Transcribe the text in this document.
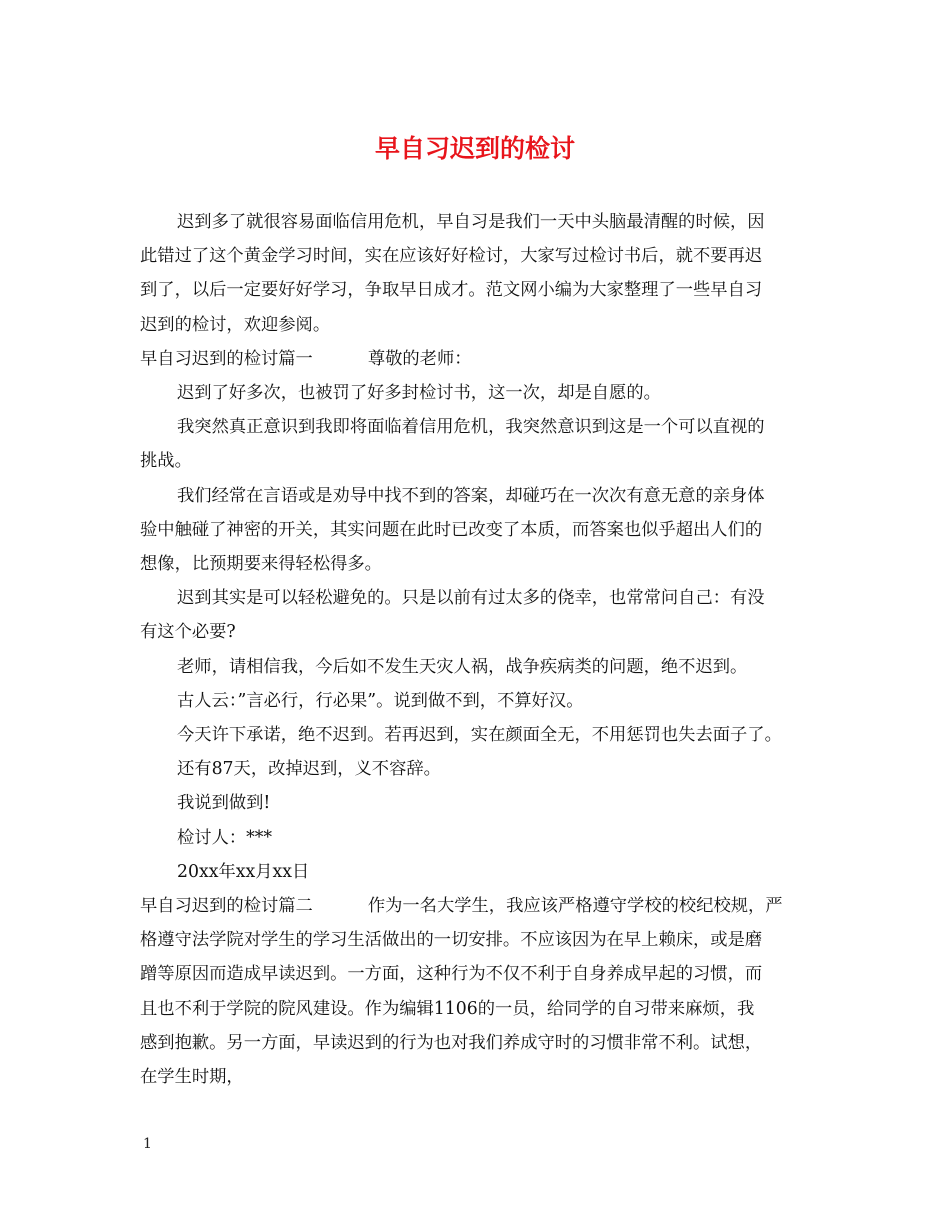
早自习迟到的检讨

迟到多了就很容易面临信用危机，早自习是我们一天中头脑最清醒的时候，因

此错过了这个黄金学习时间，实在应该好好检讨，大家写过检讨书后，就不要再迟

到了，以后一定要好好学习，争取早日成才。范文网小编为大家整理了一些早自习

迟到的检讨，欢迎参阅。

早自习迟到的检讨篇一	尊敬的老师：

迟到了好多次，也被罚了好多封检讨书，这一次，却是自愿的。

我突然真正意识到我即将面临着信用危机，我突然意识到这是一个可以直视的

挑战。

我们经常在言语或是劝导中找不到的答案，却碰巧在一次次有意无意的亲身体

验中触碰了神密的开关，其实问题在此时已改变了本质，而答案也似乎超出人们的

想像，比预期要来得轻松得多。

迟到其实是可以轻松避免的。只是以前有过太多的侥幸，也常常问自己：有没

有这个必要?

老师，请相信我，今后如不发生天灾人祸，战争疾病类的问题，绝不迟到。

古人云：”言必行，行必果”。说到做不到，不算好汉。

今天许下承诺，绝不迟到。若再迟到，实在颜面全无，不用惩罚也失去面子了。

还有87天，改掉迟到，义不容辞。

我说到做到!

检讨人：***

20xx年xx月xx日

早自习迟到的检讨篇二	作为一名大学生，我应该严格遵守学校的校纪校规，严

格遵守法学院对学生的学习生活做出的一切安排。不应该因为在早上赖床，或是磨

蹭等原因而造成早读迟到。一方面，这种行为不仅不利于自身养成早起的习惯，而

且也不利于学院的院风建设。作为编辑1106的一员，给同学的自习带来麻烦，我

感到抱歉。另一方面，早读迟到的行为也对我们养成守时的习惯非常不利。试想，

在学生时期，

1
